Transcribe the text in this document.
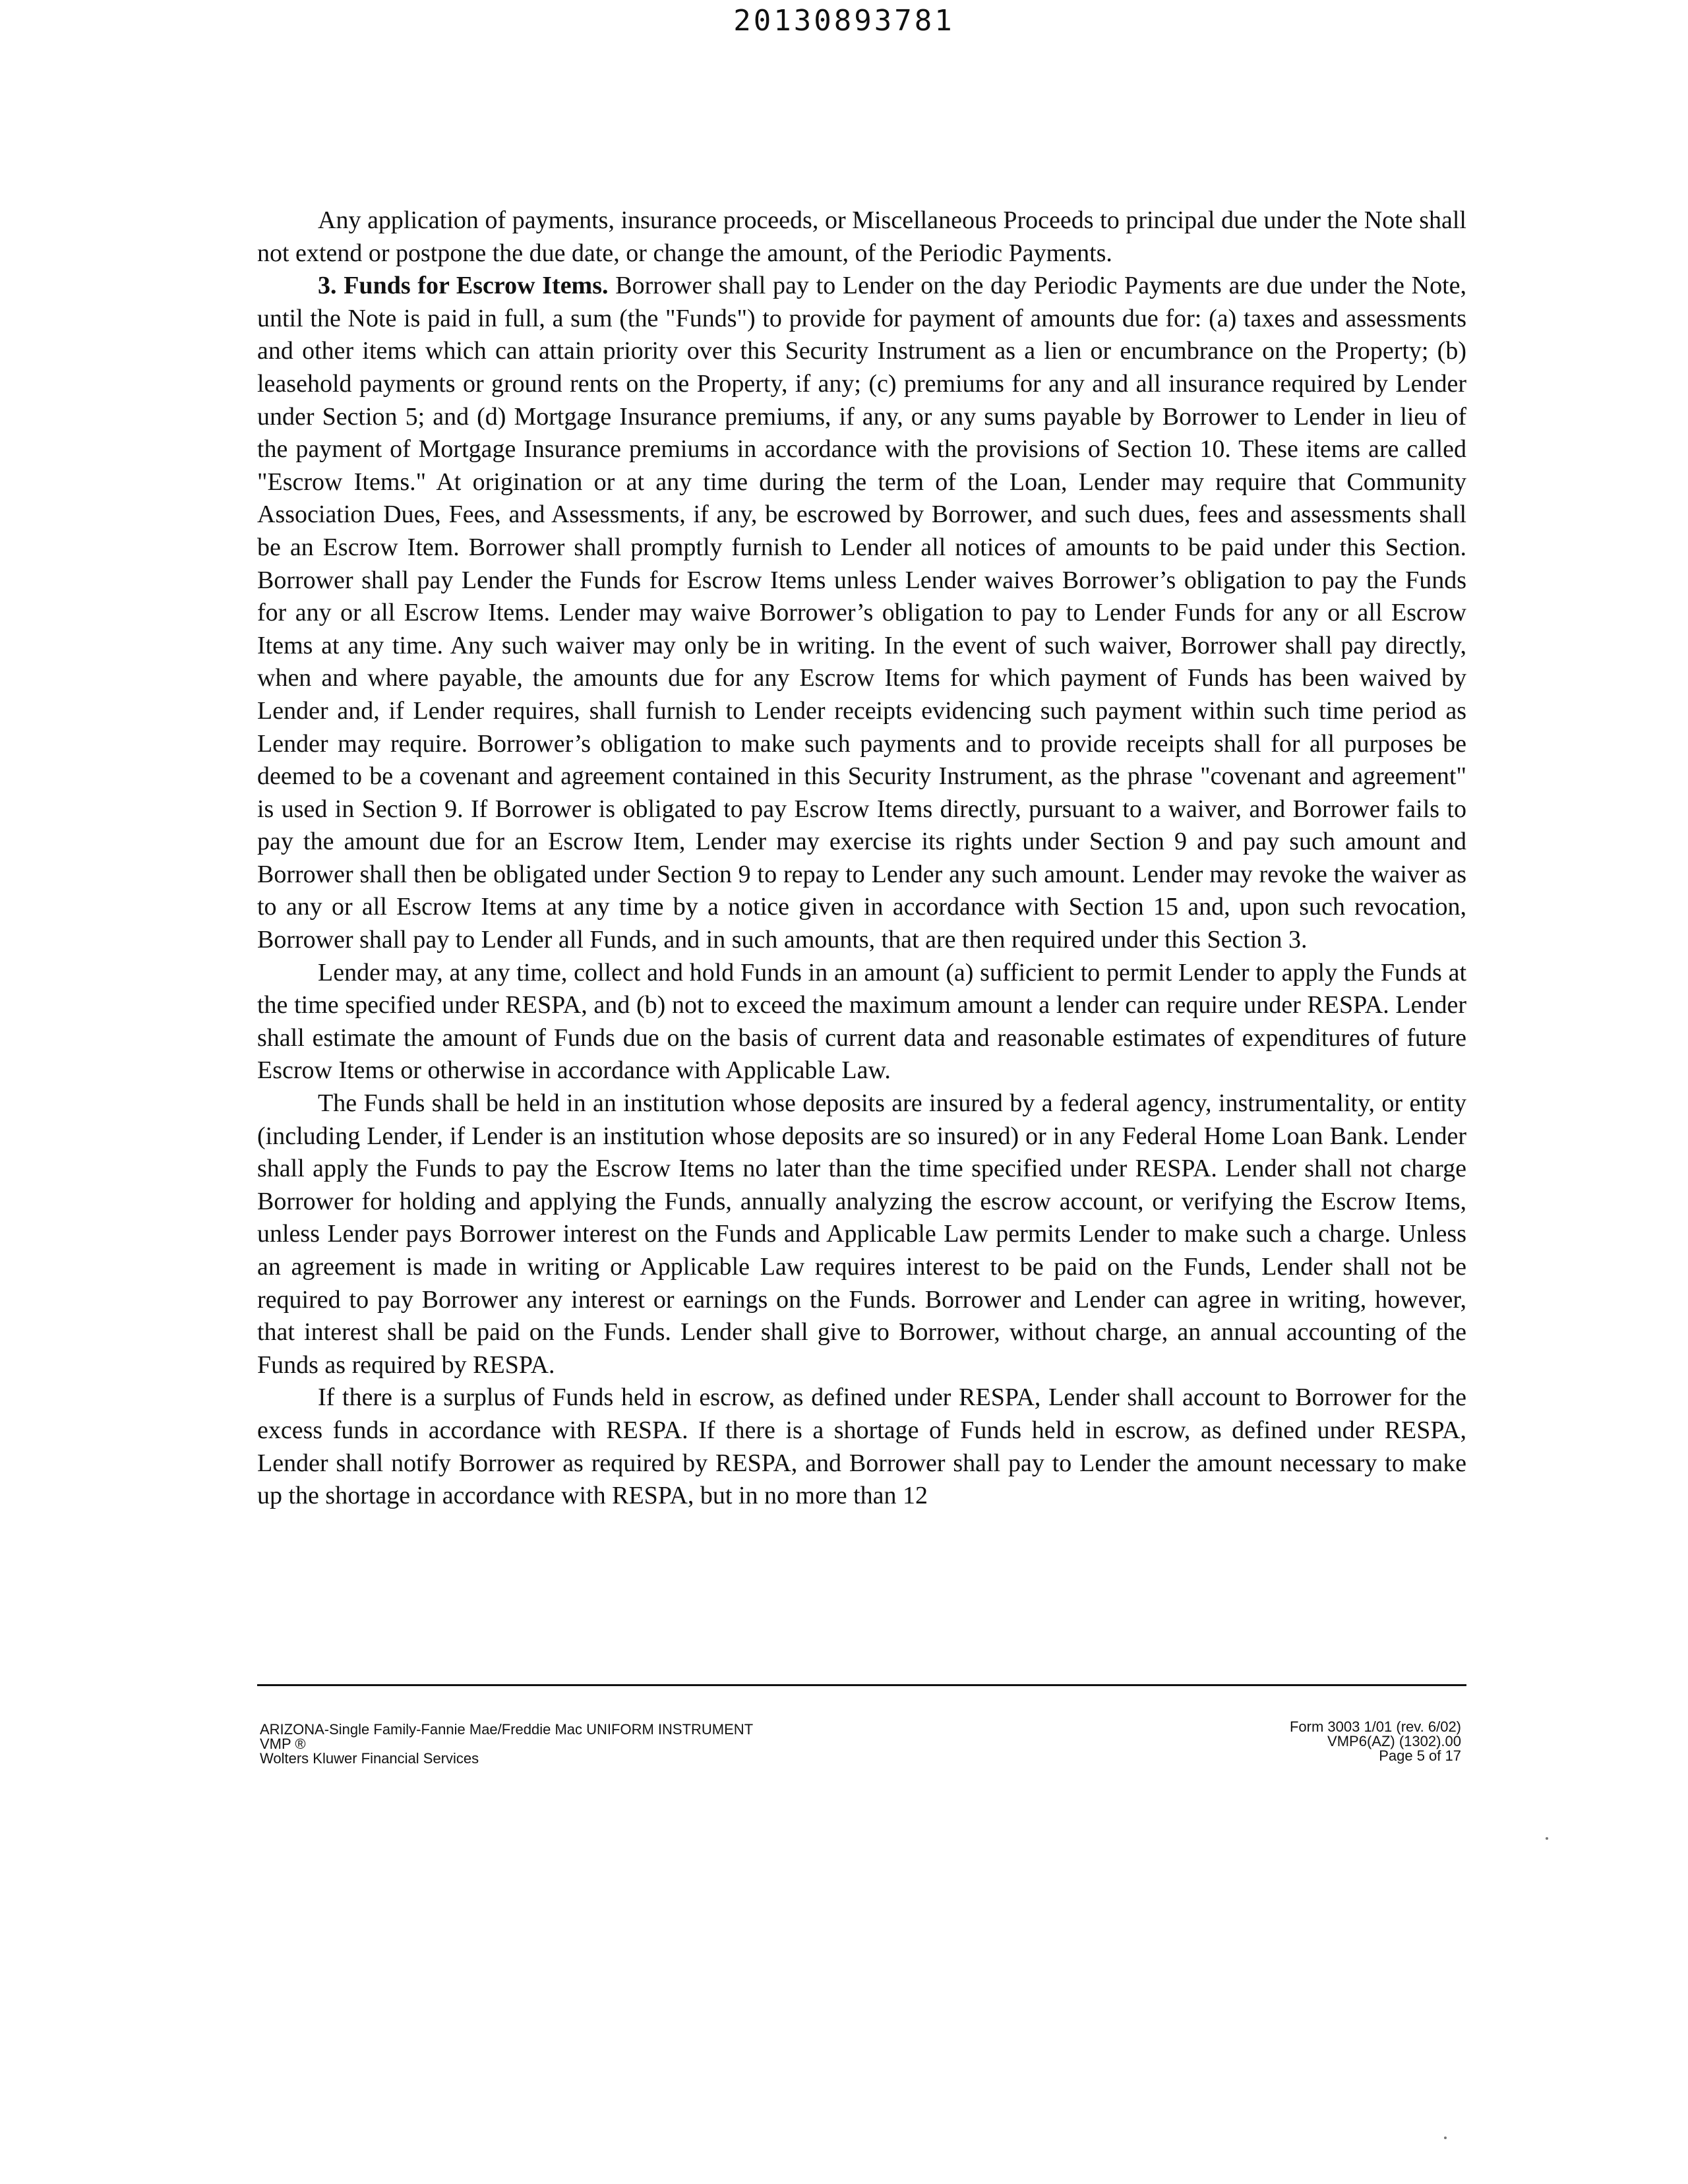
20130893781

Any application of payments, insurance proceeds, or Miscellaneous Proceeds to principal due under the Note shall not extend or postpone the due date, or change the amount, of the Periodic Payments.

3. Funds for Escrow Items. Borrower shall pay to Lender on the day Periodic Payments are due under the Note, until the Note is paid in full, a sum (the "Funds") to provide for payment of amounts due for: (a) taxes and assessments and other items which can attain priority over this Security Instrument as a lien or encumbrance on the Property; (b) leasehold payments or ground rents on the Property, if any; (c) premiums for any and all insurance required by Lender under Section 5; and (d) Mortgage Insurance premiums, if any, or any sums payable by Borrower to Lender in lieu of the payment of Mortgage Insurance premiums in accordance with the provisions of Section 10. These items are called "Escrow Items." At origination or at any time during the term of the Loan, Lender may require that Community Association Dues, Fees, and Assessments, if any, be escrowed by Borrower, and such dues, fees and assessments shall be an Escrow Item. Borrower shall promptly furnish to Lender all notices of amounts to be paid under this Section. Borrower shall pay Lender the Funds for Escrow Items unless Lender waives Borrower’s obligation to pay the Funds for any or all Escrow Items. Lender may waive Borrower’s obligation to pay to Lender Funds for any or all Escrow Items at any time. Any such waiver may only be in writing. In the event of such waiver, Borrower shall pay directly, when and where payable, the amounts due for any Escrow Items for which payment of Funds has been waived by Lender and, if Lender requires, shall furnish to Lender receipts evidencing such payment within such time period as Lender may require. Borrower’s obligation to make such payments and to provide receipts shall for all purposes be deemed to be a covenant and agreement contained in this Security Instrument, as the phrase "covenant and agreement" is used in Section 9. If Borrower is obligated to pay Escrow Items directly, pursuant to a waiver, and Borrower fails to pay the amount due for an Escrow Item, Lender may exercise its rights under Section 9 and pay such amount and Borrower shall then be obligated under Section 9 to repay to Lender any such amount. Lender may revoke the waiver as to any or all Escrow Items at any time by a notice given in accordance with Section 15 and, upon such revocation, Borrower shall pay to Lender all Funds, and in such amounts, that are then required under this Section 3.

Lender may, at any time, collect and hold Funds in an amount (a) sufficient to permit Lender to apply the Funds at the time specified under RESPA, and (b) not to exceed the maximum amount a lender can require under RESPA. Lender shall estimate the amount of Funds due on the basis of current data and reasonable estimates of expenditures of future Escrow Items or otherwise in accordance with Applicable Law.

The Funds shall be held in an institution whose deposits are insured by a federal agency, instrumentality, or entity (including Lender, if Lender is an institution whose deposits are so insured) or in any Federal Home Loan Bank. Lender shall apply the Funds to pay the Escrow Items no later than the time specified under RESPA. Lender shall not charge Borrower for holding and applying the Funds, annually analyzing the escrow account, or verifying the Escrow Items, unless Lender pays Borrower interest on the Funds and Applicable Law permits Lender to make such a charge. Unless an agreement is made in writing or Applicable Law requires interest to be paid on the Funds, Lender shall not be required to pay Borrower any interest or earnings on the Funds. Borrower and Lender can agree in writing, however, that interest shall be paid on the Funds. Lender shall give to Borrower, without charge, an annual accounting of the Funds as required by RESPA.

If there is a surplus of Funds held in escrow, as defined under RESPA, Lender shall account to Borrower for the excess funds in accordance with RESPA. If there is a shortage of Funds held in escrow, as defined under RESPA, Lender shall notify Borrower as required by RESPA, and Borrower shall pay to Lender the amount necessary to make up the shortage in accordance with RESPA, but in no more than 12

ARIZONA-Single Family-Fannie Mae/Freddie Mac UNIFORM INSTRUMENT
VMP ®
Wolters Kluwer Financial Services
Form 3003 1/01 (rev. 6/02)
VMP6(AZ) (1302).00
Page 5 of 17
